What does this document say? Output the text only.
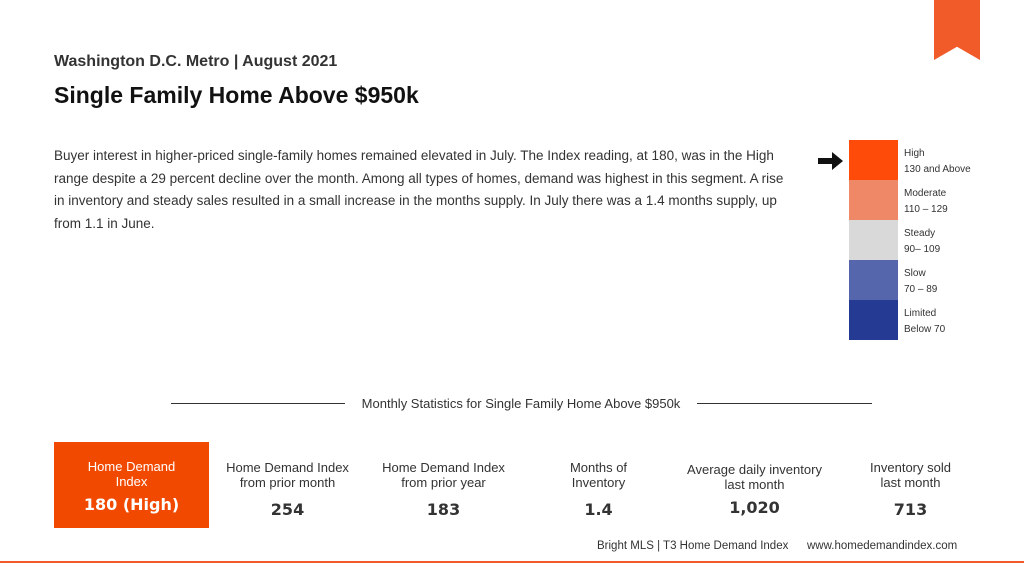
Washington D.C. Metro | August 2021
Single Family Home Above $950k

Buyer interest in higher-priced single-family homes remained elevated in July. The Index reading, at 180, was in the High range despite a 29 percent decline over the month. Among all types of homes, demand was highest in this segment. A rise in inventory and steady sales resulted in a small increase in the months supply. In July there was a 1.4 months supply, up from 1.1 in June.

High
130 and Above
Moderate
110 – 129
Steady
90– 109
Slow
70 – 89
Limited
Below 70
Monthly Statistics for Single Family Home Above $950k
Home Demand Index
180 (High)
Home Demand Index from prior month
254
Home Demand Index from prior year
183
Months of Inventory
1.4
Average daily inventory last month
1,020
Inventory sold last month
713
Bright MLS | T3 Home Demand Index www.homedemandindex.com
